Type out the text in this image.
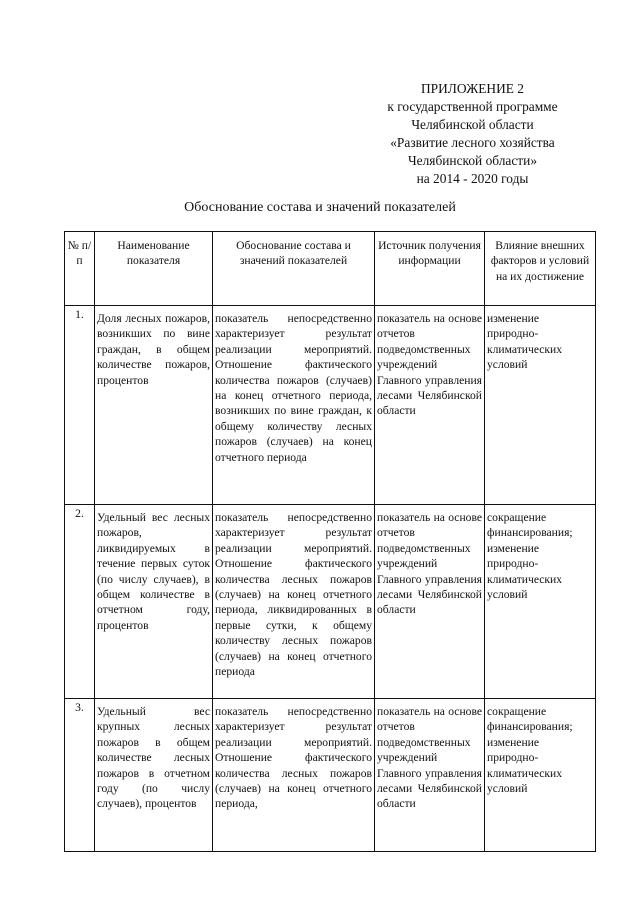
ПРИЛОЖЕНИЕ 2
к государственной программе
Челябинской области
«Развитие лесного хозяйства
Челябинской области»
на 2014 - 2020 годы
Обоснование состава и значений показателей
№ п/п	Наименование показателя	Обоснование состава и значений показателей	Источник получения информации	Влияние внешних факторов и условий на их достижение
1.	Доля лесных пожаров, возникших по вине граждан, в общем количестве пожаров, процентов	показатель непосредственно характеризует результат реализации мероприятий. Отношение фактического количества пожаров (случаев) на конец отчетного периода, возникших по вине граждан, к общему количеству лесных пожаров (случаев) на конец отчетного периода	показатель на основе отчетов подведомственных учреждений Главного управления лесами Челябинской области	изменение природно-климатических условий

2.	Удельный вес лесных пожаров, ликвидируемых в течение первых суток (по числу случаев), в общем количестве в отчетном году, процентов	показатель непосредственно характеризует результат реализации мероприятий. Отношение фактического количества лесных пожаров (случаев) на конец отчетного периода, ликвидированных в первые сутки, к общему количеству лесных пожаров (случаев) на конец отчетного периода	показатель на основе отчетов подведомственных учреждений Главного управления лесами Челябинской области	сокращение финансирования; изменение природно-климатических условий

3.	Удельный вес крупных лесных пожаров в общем количестве лесных пожаров в отчетном году (по числу случаев), процентов	показатель непосредственно характеризует результат реализации мероприятий. Отношение фактического количества лесных пожаров (случаев) на конец отчетного периода,	показатель на основе отчетов подведомственных учреждений Главного управления лесами Челябинской области	сокращение финансирования; изменение природно-климатических условий
